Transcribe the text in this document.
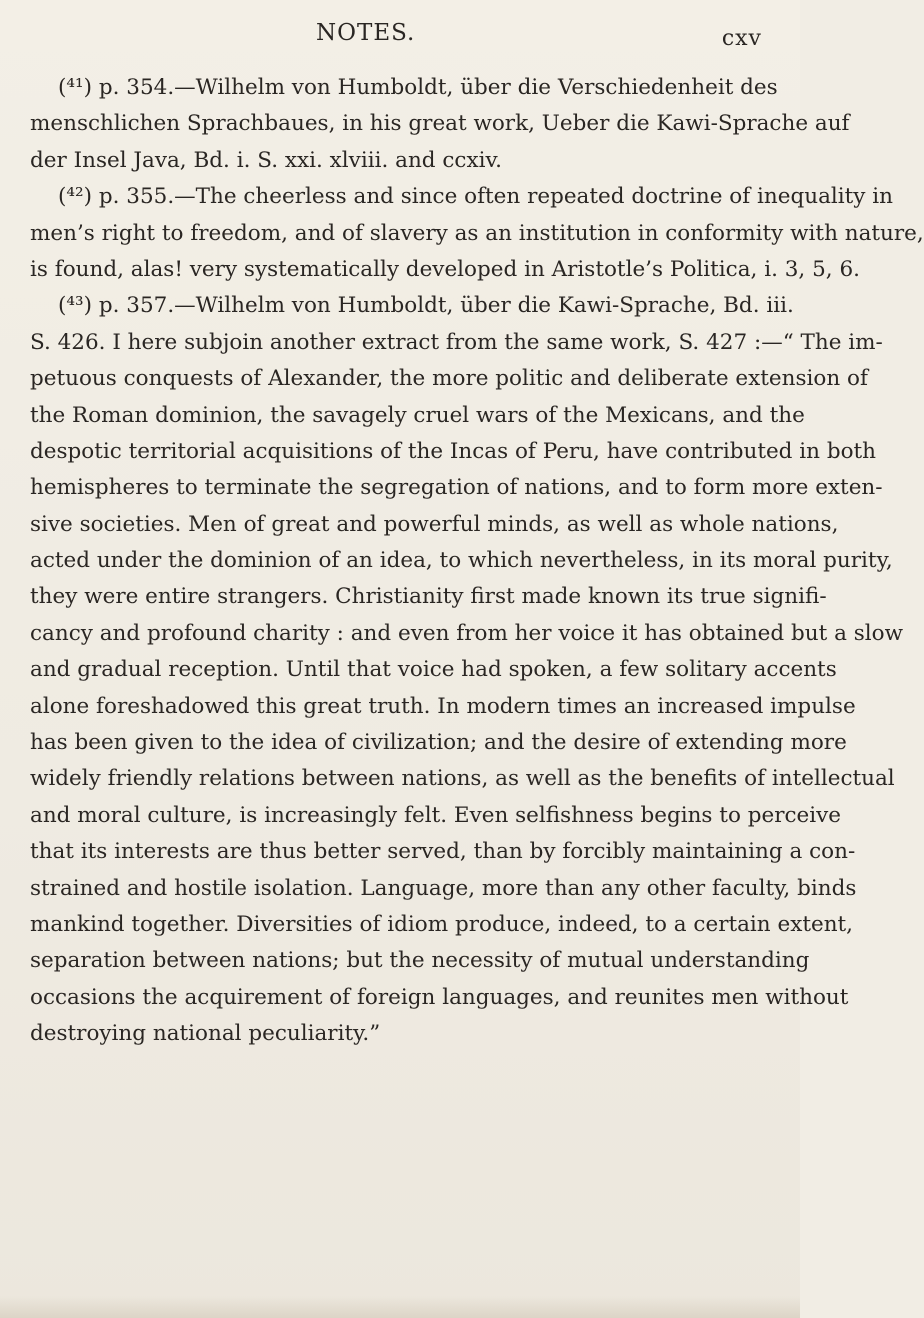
NOTES.	cxv
(⁴¹) p. 354.—Wilhelm von Humboldt, über die Verschiedenheit des
menschlichen Sprachbaues, in his great work, Ueber die Kawi-Sprache auf
der Insel Java, Bd. i. S. xxi. xlviii. and ccxiv.
(⁴²) p. 355.—The cheerless and since often repeated doctrine of inequality in
men’s right to freedom, and of slavery as an institution in conformity with nature,
is found, alas! very systematically developed in Aristotle’s Politica, i. 3, 5, 6.
(⁴³) p. 357.—Wilhelm von Humboldt, über die Kawi-Sprache, Bd. iii.
S. 426. I here subjoin another extract from the same work, S. 427 :—“ The im-
petuous conquests of Alexander, the more politic and deliberate extension of
the Roman dominion, the savagely cruel wars of the Mexicans, and the
despotic territorial acquisitions of the Incas of Peru, have contributed in both
hemispheres to terminate the segregation of nations, and to form more exten-
sive societies. Men of great and powerful minds, as well as whole nations,
acted under the dominion of an idea, to which nevertheless, in its moral purity,
they were entire strangers. Christianity first made known its true signifi-
cancy and profound charity : and even from her voice it has obtained but a slow
and gradual reception. Until that voice had spoken, a few solitary accents
alone foreshadowed this great truth. In modern times an increased impulse
has been given to the idea of civilization; and the desire of extending more
widely friendly relations between nations, as well as the benefits of intellectual
and moral culture, is increasingly felt. Even selfishness begins to perceive
that its interests are thus better served, than by forcibly maintaining a con-
strained and hostile isolation. Language, more than any other faculty, binds
mankind together. Diversities of idiom produce, indeed, to a certain extent,
separation between nations; but the necessity of mutual understanding
occasions the acquirement of foreign languages, and reunites men without
destroying national peculiarity.”
